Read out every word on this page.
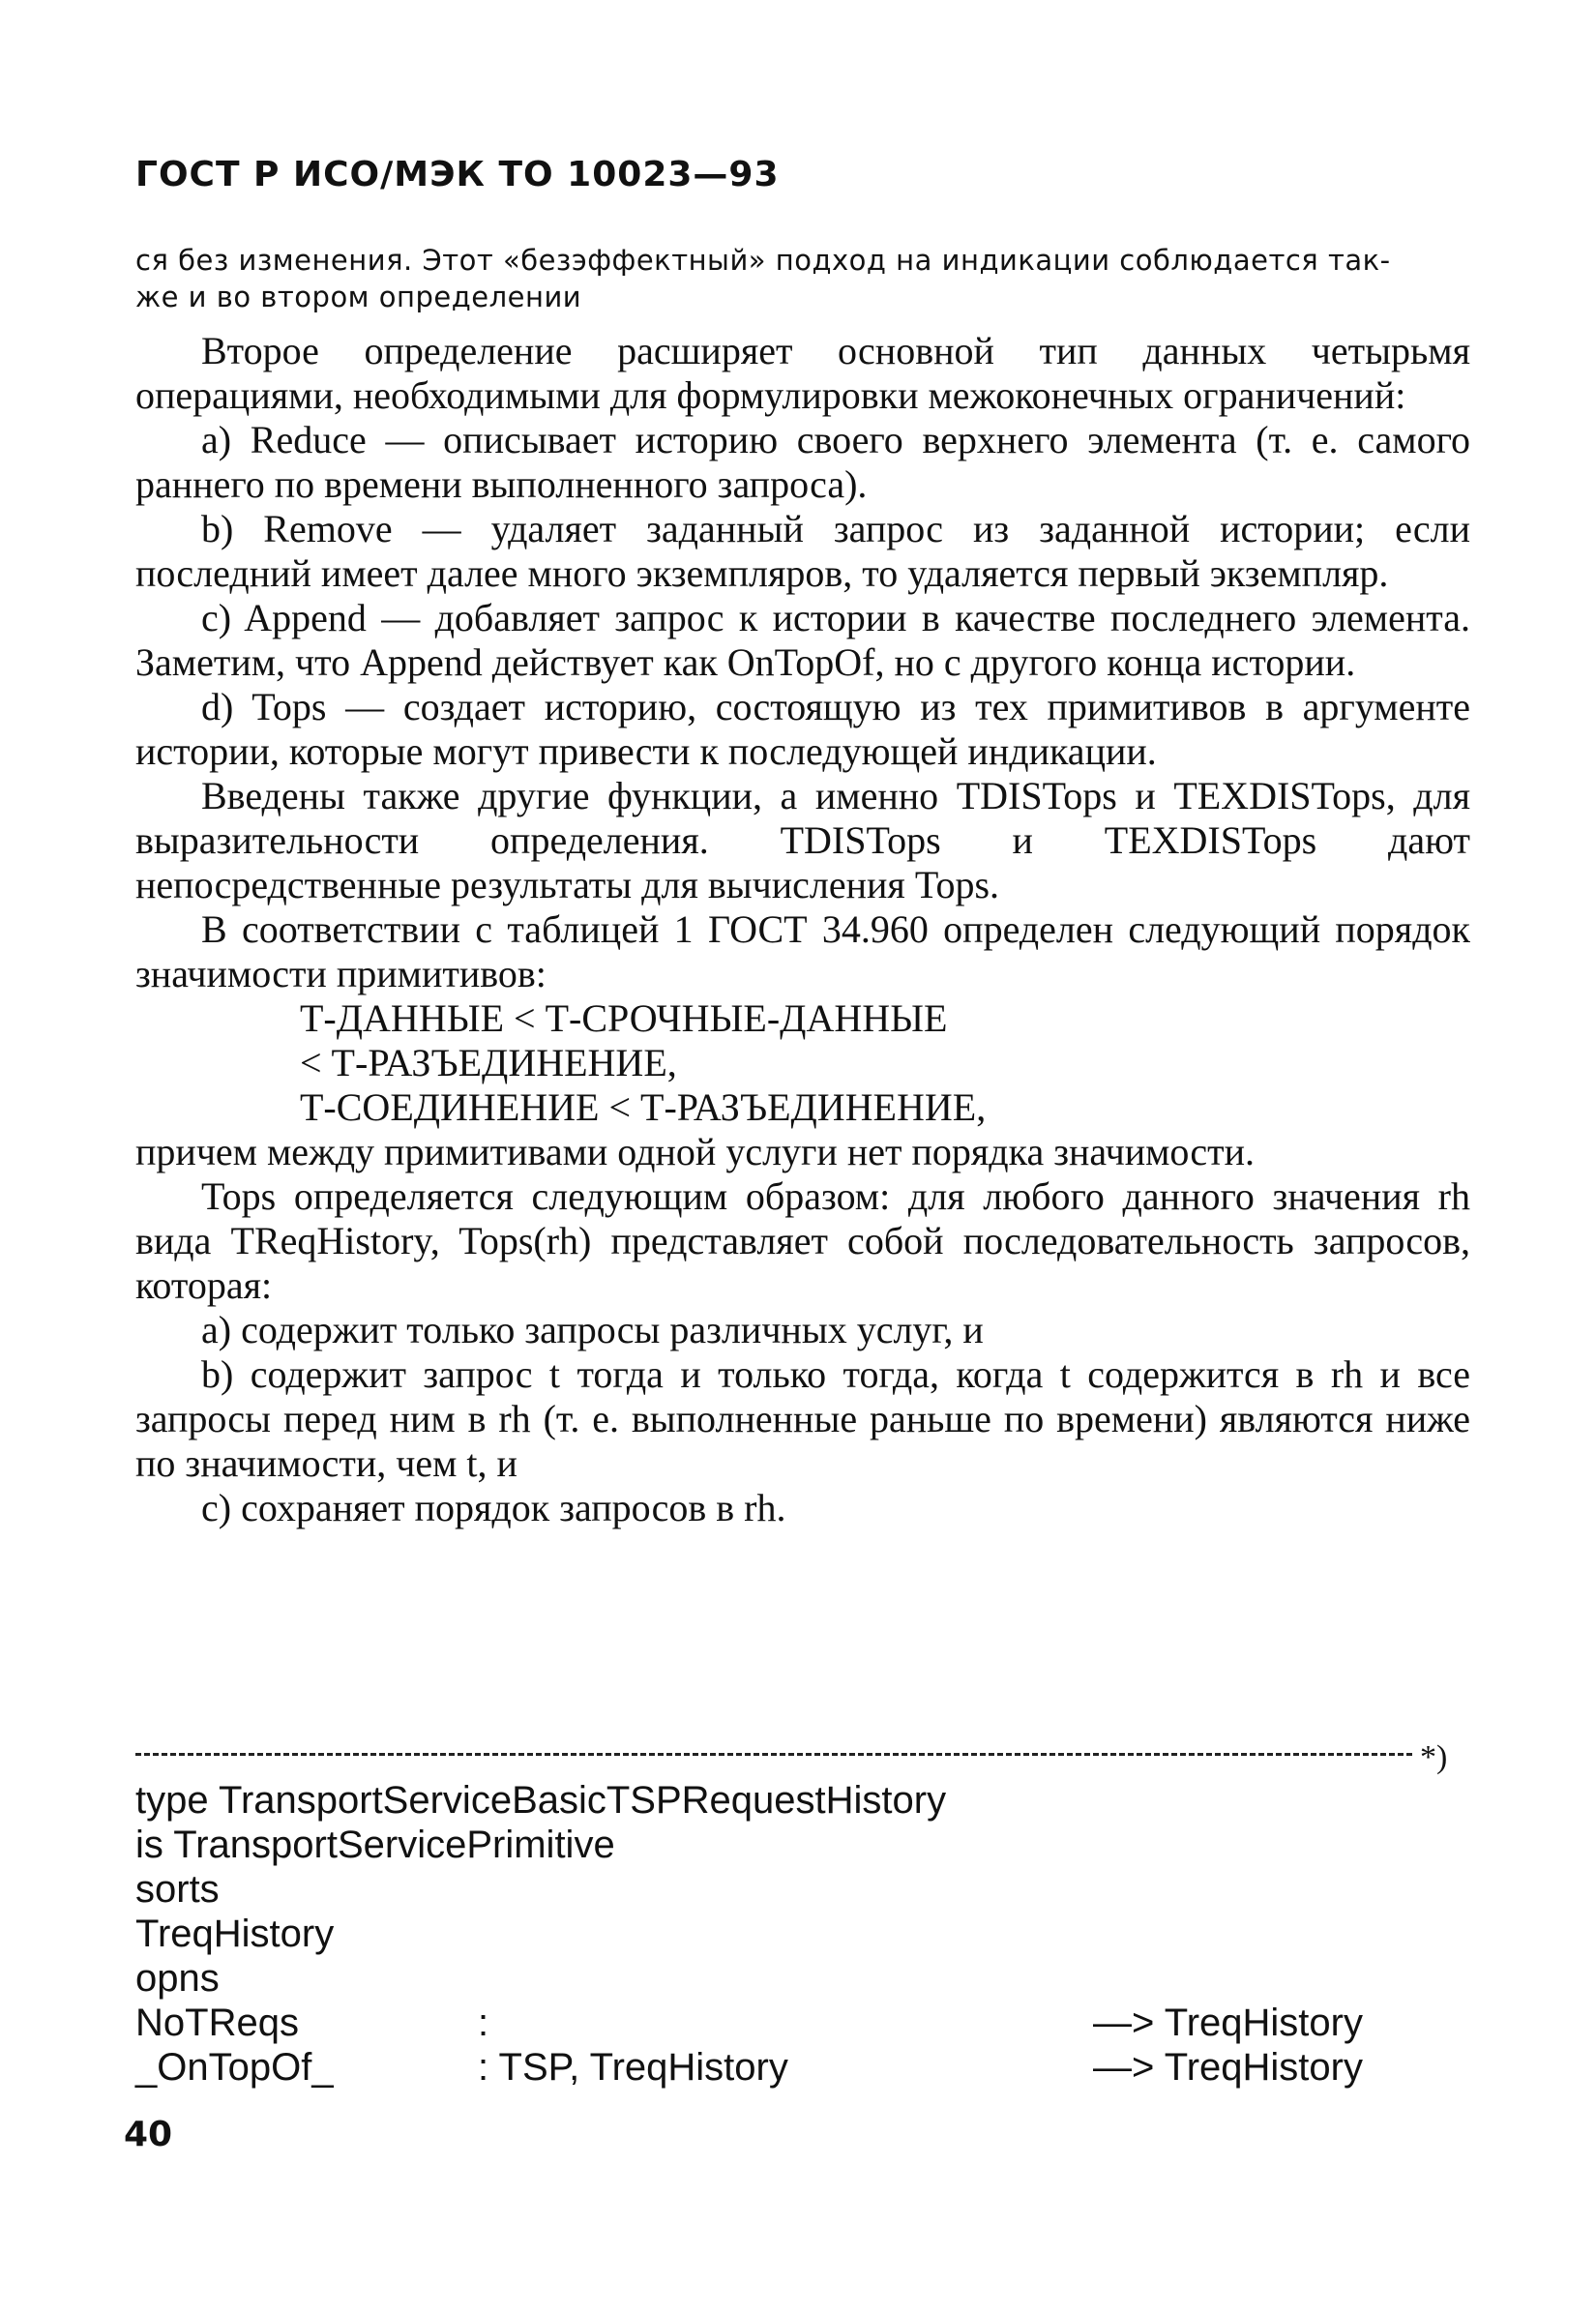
ГОСТ Р ИСО/МЭК ТО 10023—93
ся без изменения. Этот «безэффектный» подход на индикации соблюдается так-
же и во втором определении

Второе определение расширяет основной тип данных четырьмя операциями, необходимыми для формулировки межоконечных ограничений:

a) Reduce — описывает историю своего верхнего элемента (т. е. самого раннего по времени выполненного запроса).

b) Remove — удаляет заданный запрос из заданной истории; если последний имеет далее много экземпляров, то удаляется первый экземпляр.

c) Append — добавляет запрос к истории в качестве последнего элемента. Заметим, что Append действует как OnTopOf, но с другого конца истории.

d) Tops — создает историю, состоящую из тех примитивов в аргументе истории, которые могут привести к последующей индикации.

Введены также другие функции, а именно TDISTops и TEXDISTops, для выразительности определения. TDISTops и TEXDISTops дают непосредственные результаты для вычисления Tops.

В соответствии с таблицей 1 ГОСТ 34.960 определен следующий порядок значимости примитивов:

Т-ДАННЫЕ < Т-СРОЧНЫЕ-ДАННЫЕ
< Т-РАЗЪЕДИНЕНИЕ,
Т-СОЕДИНЕНИЕ < Т-РАЗЪЕДИНЕНИЕ,

причем между примитивами одной услуги нет порядка значимости.

Tops определяется следующим образом: для любого данного значения rh вида TReqHistory, Tops(rh) представляет собой последовательность запросов, которая:

a) содержит только запросы различных услуг, и

b) содержит запрос t тогда и только тогда, когда t содержится в rh и все запросы перед ним в rh (т. е. выполненные раньше по времени) являются ниже по значимости, чем t, и

c) сохраняет порядок запросов в rh.

*)
type TransportServiceBasicTSPRequestHistory
is TransportServicePrimitive
sorts
TreqHistory
opns
NoTReqs	:	—> TreqHistory
_OnTopOf_	: TSP, TreqHistory	—> TreqHistory
40
